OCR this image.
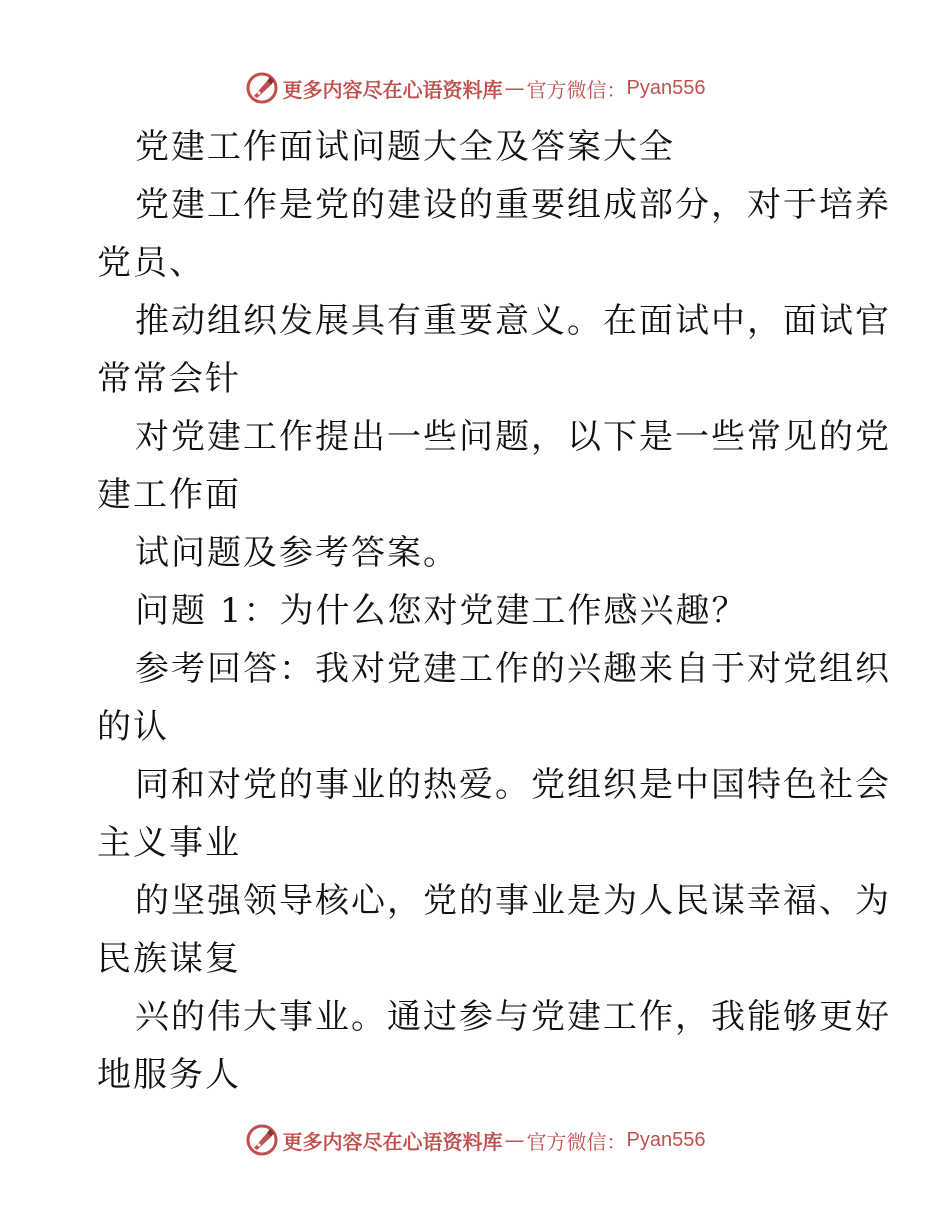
更多内容尽在心语资料库 — 官方微信： Pyan556
党建工作面试问题大全及答案大全
党建工作是党的建设的重要组成部分，对于培养
党员、
推动组织发展具有重要意义。在面试中，面试官
常常会针
对党建工作提出一些问题，以下是一些常见的党
建工作面
试问题及参考答案。
问题 1：为什么您对党建工作感兴趣？
参考回答：我对党建工作的兴趣来自于对党组织
的认
同和对党的事业的热爱。党组织是中国特色社会
主义事业
的坚强领导核心，党的事业是为人民谋幸福、为
民族谋复
兴的伟大事业。通过参与党建工作，我能够更好
地服务人
更多内容尽在心语资料库 — 官方微信： Pyan556
